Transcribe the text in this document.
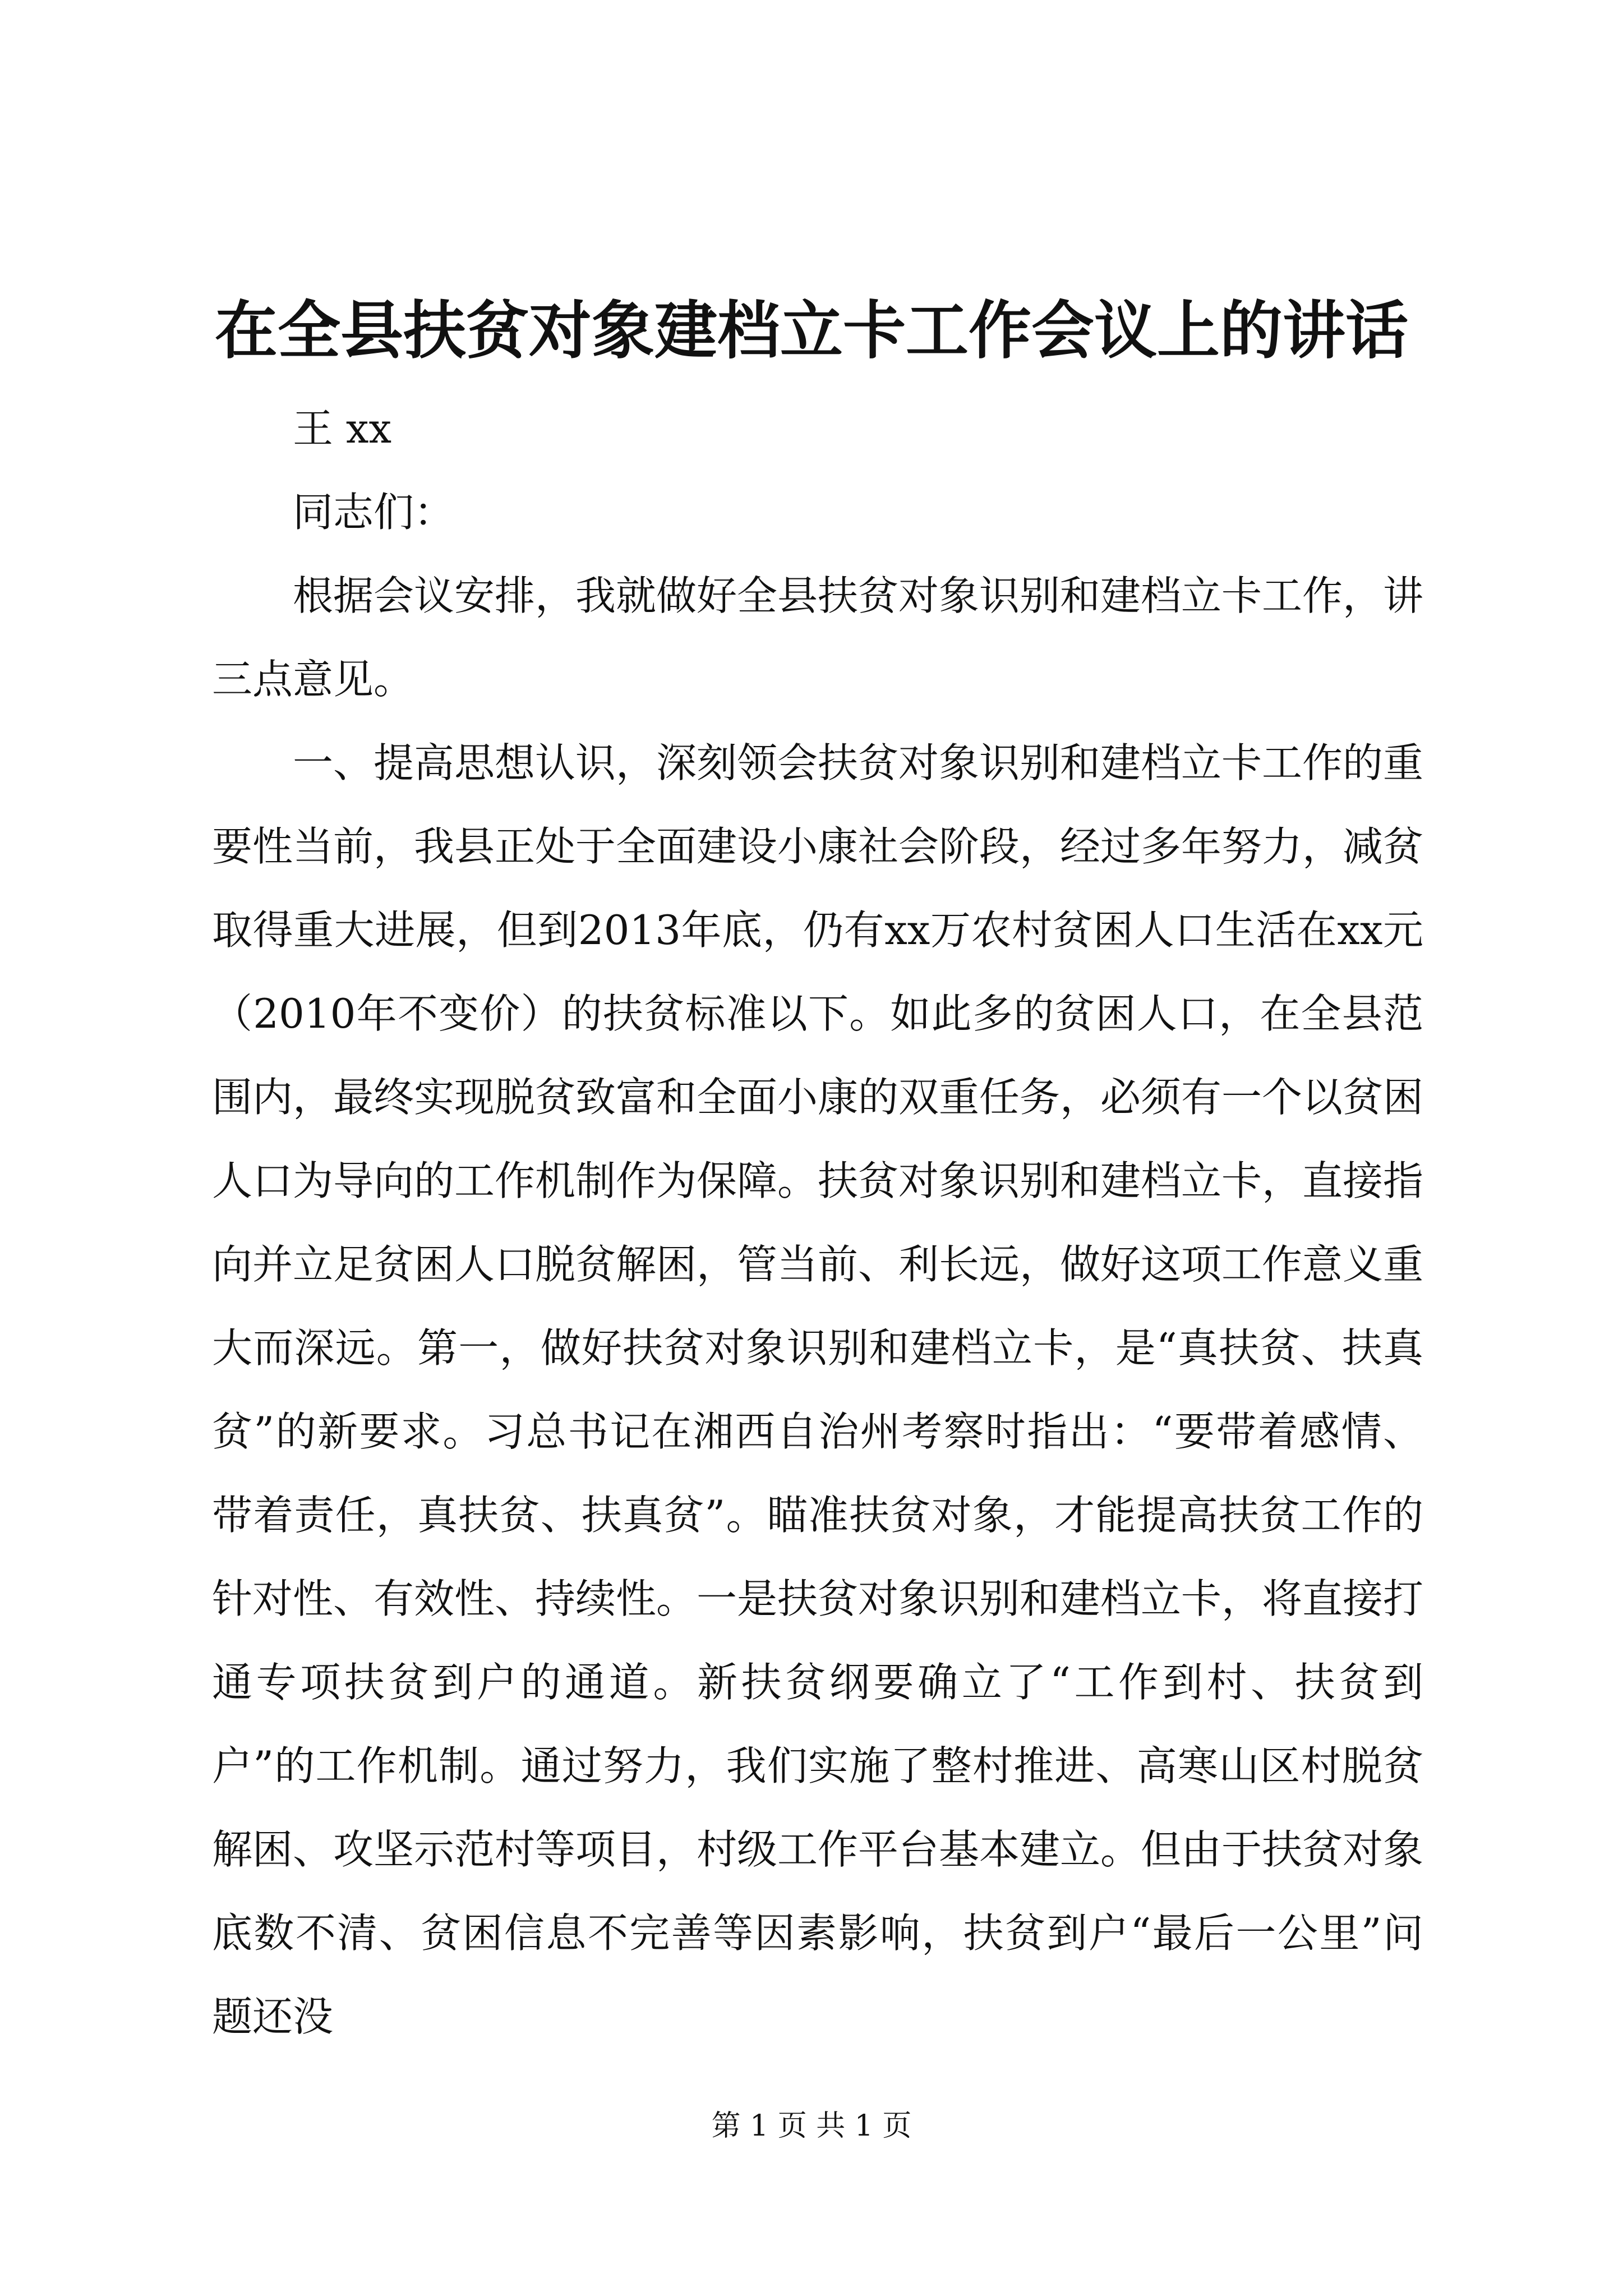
在全县扶贫对象建档立卡工作会议上的讲话

王 xx

同志们：

根据会议安排，我就做好全县扶贫对象识别和建档立卡工作，讲三点意见。

一、提高思想认识，深刻领会扶贫对象识别和建档立卡工作的重要性当前，我县正处于全面建设小康社会阶段，经过多年努力，减贫取得重大进展，但到2013年底，仍有xx万农村贫困人口生活在xx元（2010年不变价）的扶贫标准以下。如此多的贫困人口，在全县范围内，最终实现脱贫致富和全面小康的双重任务，必须有一个以贫困人口为导向的工作机制作为保障。扶贫对象识别和建档立卡，直接指向并立足贫困人口脱贫解困，管当前、利长远，做好这项工作意义重大而深远。第一，做好扶贫对象识别和建档立卡，是“真扶贫、扶真贫”的新要求。习总书记在湘西自治州考察时指出：“要带着感情、带着责任，真扶贫、扶真贫”。瞄准扶贫对象，才能提高扶贫工作的针对性、有效性、持续性。一是扶贫对象识别和建档立卡，将直接打通专项扶贫到户的通道。新扶贫纲要确立了“工作到村、扶贫到户”的工作机制。通过努力，我们实施了整村推进、高寒山区村脱贫解困、攻坚示范村等项目，村级工作平台基本建立。但由于扶贫对象底数不清、贫困信息不完善等因素影响，扶贫到户“最后一公里”问题还没

第 1 页 共 1 页
